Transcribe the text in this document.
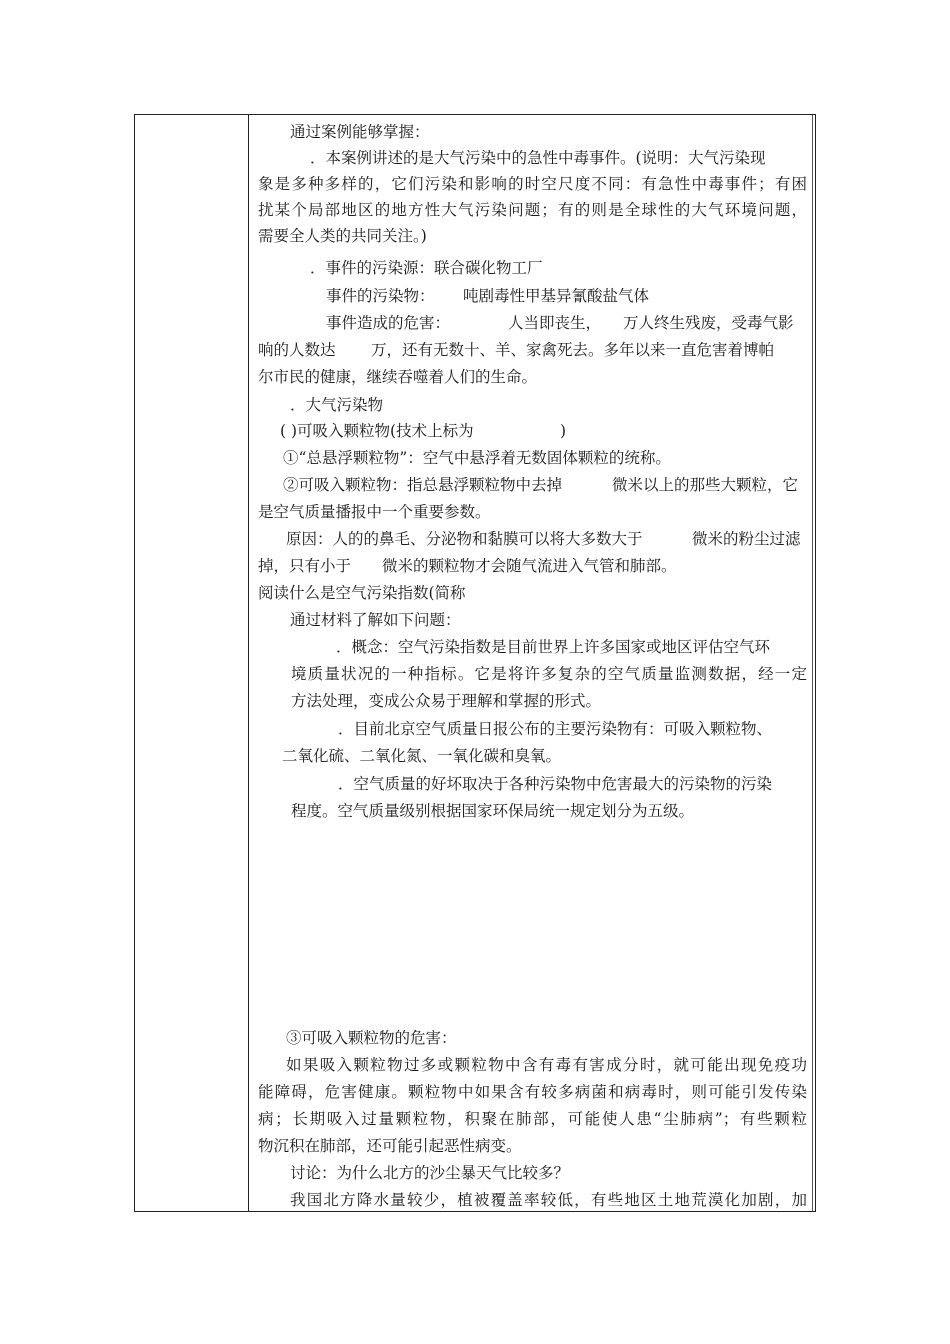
通过案例能够掌握：
．本案例讲述的是大气污染中的急性中毒事件。(说明：大气污染现
象是多种多样的，它们污染和影响的时空尺度不同：有急性中毒事件；有困
扰某个局部地区的地方性大气污染问题；有的则是全球性的大气环境问题，
需要全人类的共同关注。)
．事件的污染源：联合碳化物工厂
事件的污染物： 吨剧毒性甲基异氰酸盐气体
事件造成的危害：	人当即丧生， 万人终生残废，受毒气影
响的人数达 万，还有无数十、羊、家禽死去。多年以来一直危害着博帕
尔市民的健康，继续吞噬着人们的生命。
．大气污染物
( )可吸入颗粒物(技术上标为	)
①“总悬浮颗粒物”：空气中悬浮着无数固体颗粒的统称。
②可吸入颗粒物：指总悬浮颗粒物中去掉	微米以上的那些大颗粒，它
是空气质量播报中一个重要参数。
原因：人的的鼻毛、分泌物和黏膜可以将大多数大于	微米的粉尘过滤
掉，只有小于 微米的颗粒物才会随气流进入气管和肺部。
阅读什么是空气污染指数(简称
通过材料了解如下问题：
．概念：空气污染指数是目前世界上许多国家或地区评估空气环
境质量状况的一种指标。它是将许多复杂的空气质量监测数据，经一定
方法处理，变成公众易于理解和掌握的形式。
．目前北京空气质量日报公布的主要污染物有：可吸入颗粒物、
二氧化硫、二氧化氮、一氧化碳和臭氧。
．空气质量的好坏取决于各种污染物中危害最大的污染物的污染
程度。空气质量级别根据国家环保局统一规定划分为五级。
③可吸入颗粒物的危害：
如果吸入颗粒物过多或颗粒物中含有毒有害成分时，就可能出现免疫功
能障碍，危害健康。颗粒物中如果含有较多病菌和病毒时，则可能引发传染
病；长期吸入过量颗粒物，积聚在肺部，可能使人患“尘肺病”；有些颗粒
物沉积在肺部，还可能引起恶性病变。
讨论：为什么北方的沙尘暴天气比较多？
我国北方降水量较少，植被覆盖率较低，有些地区土地荒漠化加剧，加
